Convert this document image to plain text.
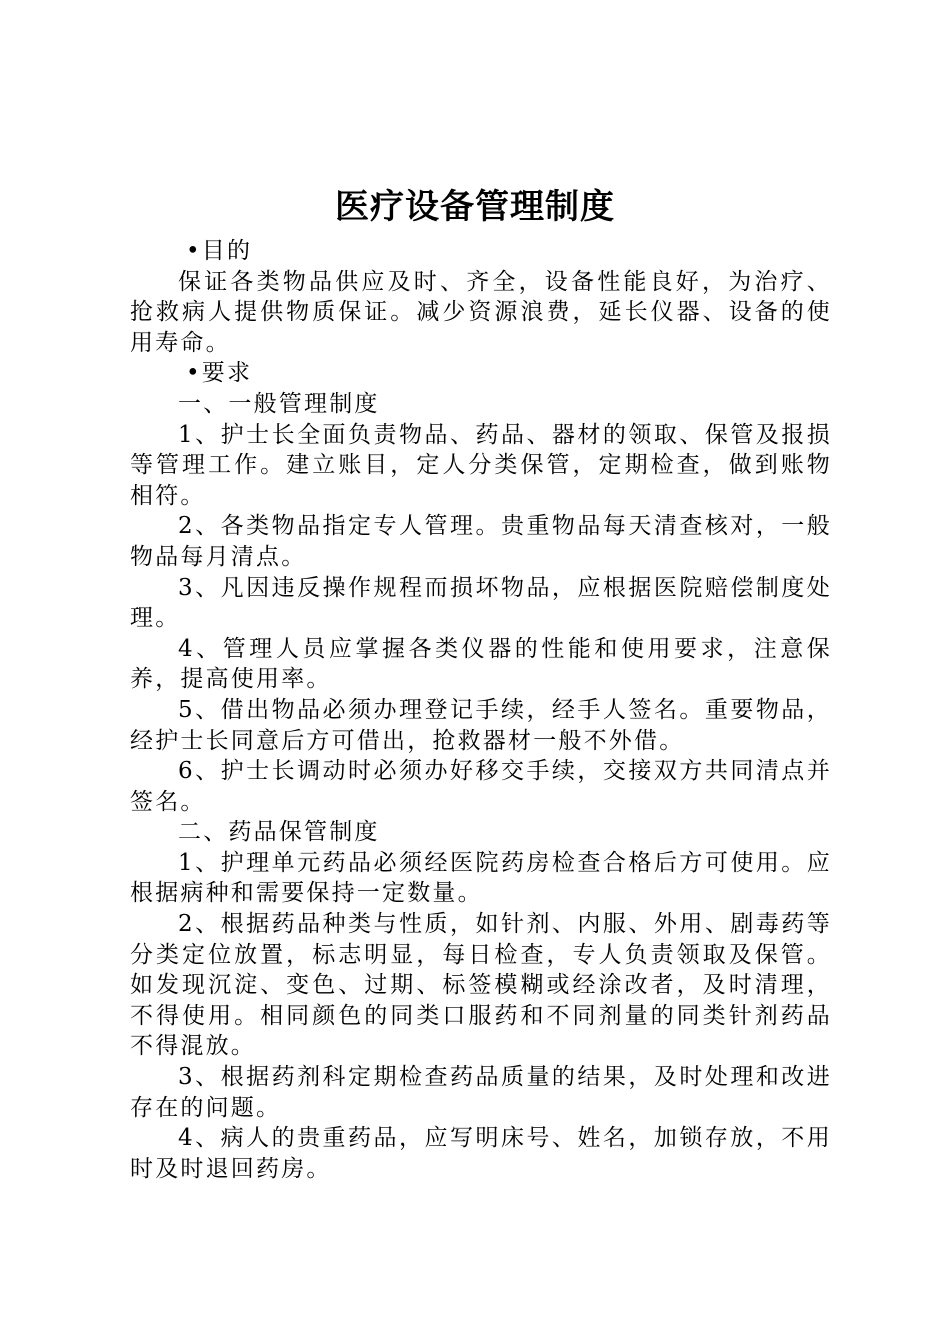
医疗设备管理制度

•目的

保证各类物品供应及时、齐全，设备性能良好，为治疗、抢救病人提供物质保证。减少资源浪费，延长仪器、设备的使用寿命。

•要求

一、一般管理制度

1、护士长全面负责物品、药品、器材的领取、保管及报损等管理工作。建立账目，定人分类保管，定期检查，做到账物相符。

2、各类物品指定专人管理。贵重物品每天清查核对，一般物品每月清点。

3、凡因违反操作规程而损坏物品，应根据医院赔偿制度处理。

4、管理人员应掌握各类仪器的性能和使用要求，注意保养，提高使用率。

5、借出物品必须办理登记手续，经手人签名。重要物品，经护士长同意后方可借出，抢救器材一般不外借。

6、护士长调动时必须办好移交手续，交接双方共同清点并签名。

二、药品保管制度

1、护理单元药品必须经医院药房检查合格后方可使用。应根据病种和需要保持一定数量。

2、根据药品种类与性质，如针剂、内服、外用、剧毒药等分类定位放置，标志明显，每日检查，专人负责领取及保管。如发现沉淀、变色、过期、标签模糊或经涂改者，及时清理，不得使用。相同颜色的同类口服药和不同剂量的同类针剂药品不得混放。

3、根据药剂科定期检查药品质量的结果，及时处理和改进存在的问题。

4、病人的贵重药品，应写明床号、姓名，加锁存放，不用时及时退回药房。
